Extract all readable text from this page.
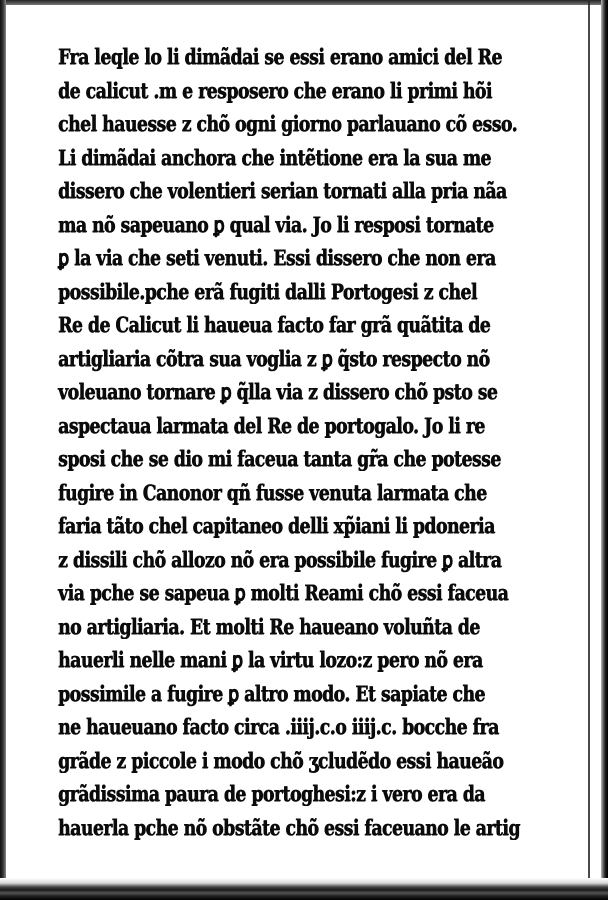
Fra leqle lo li dimãdai se essi erano amici del Re
de calicut .m e resposero che erano li primi hõi
chel hauesse z chõ ogni giorno parlauano cõ esso.
Li dimãdai anchora che intẽtione era la sua me
dissero che volentieri serian tornati alla pria nãa
ma nõ sapeuano ꝑ qual via. Jo li resposi tornate
ꝑ la via che seti venuti. Essi dissero che non era
possibile.pche erã fugiti dalli Portogesi z chel
Re de Calicut li haueua facto far grã quãtita de
artigliaria cõtra sua voglia z ꝑ q̃sto respecto nõ
voleuano tornare ꝑ q̃lla via z dissero chõ psto se
aspectaua larmata del Re de portogalo. Jo li re
sposi che se dio mi faceua tanta gr̃a che potesse
fugire in Canonor qñ fusse venuta larmata che
faria tãto chel capitaneo delli xp̃iani li pdoneria
z dissili chõ allozo nõ era possibile fugire ꝑ altra
via pche se sapeua ꝑ molti Reami chõ essi faceua
no artigliaria. Et molti Re haueano voluñta de
hauerli nelle mani ꝑ la virtu lozo:z pero nõ era
possimile a fugire ꝑ altro modo. Et sapiate che
ne haueuano facto circa .iiij.c.o iiij.c. bocche fra
grãde z piccole i modo chõ ʒcludẽdo essi haueão
grãdissima paura de portoghesi:z i vero era da
hauerla pche nõ obstãte chõ essi faceuano le artig
